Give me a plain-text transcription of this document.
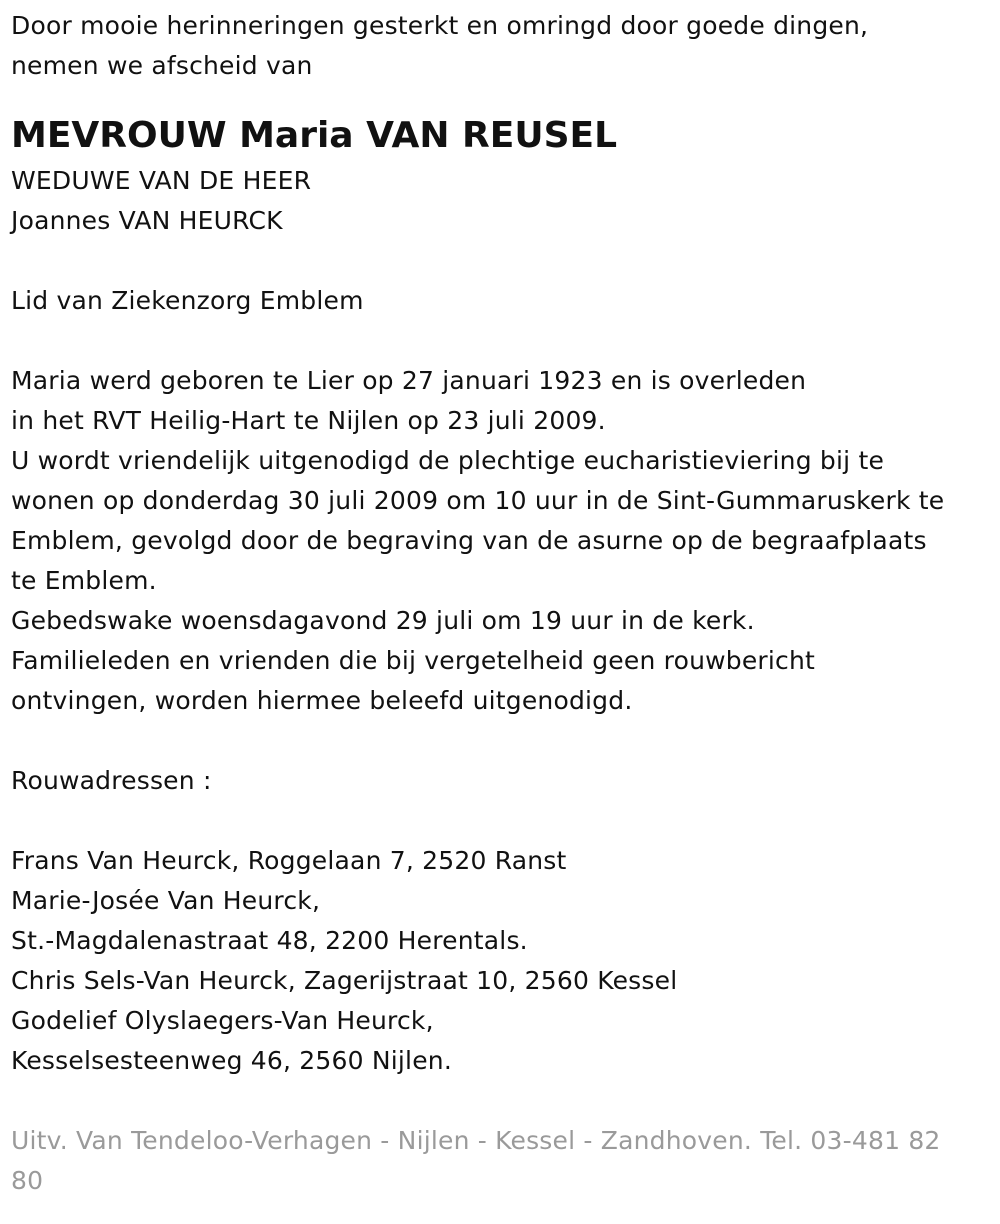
Door mooie herinneringen gesterkt en omringd door goede dingen,
nemen we afscheid van
MEVROUW Maria VAN REUSEL
WEDUWE VAN DE HEER
Joannes VAN HEURCK
Lid van Ziekenzorg Emblem
Maria werd geboren te Lier op 27 januari 1923 en is overleden
in het RVT Heilig-Hart te Nijlen op 23 juli 2009.
U wordt vriendelijk uitgenodigd de plechtige eucharistieviering bij te
wonen op donderdag 30 juli 2009 om 10 uur in de Sint-Gummaruskerk te
Emblem, gevolgd door de begraving van de asurne op de begraafplaats
te Emblem.
Gebedswake woensdagavond 29 juli om 19 uur in de kerk.
Familieleden en vrienden die bij vergetelheid geen rouwbericht
ontvingen, worden hiermee beleefd uitgenodigd.
Rouwadressen :
Frans Van Heurck, Roggelaan 7, 2520 Ranst
Marie-Josée Van Heurck,
St.-Magdalenastraat 48, 2200 Herentals.
Chris Sels-Van Heurck, Zagerijstraat 10, 2560 Kessel
Godelief Olyslaegers-Van Heurck,
Kesselsesteenweg 46, 2560 Nijlen.
Uitv. Van Tendeloo-Verhagen - Nijlen - Kessel - Zandhoven. Tel. 03-481 82
80
